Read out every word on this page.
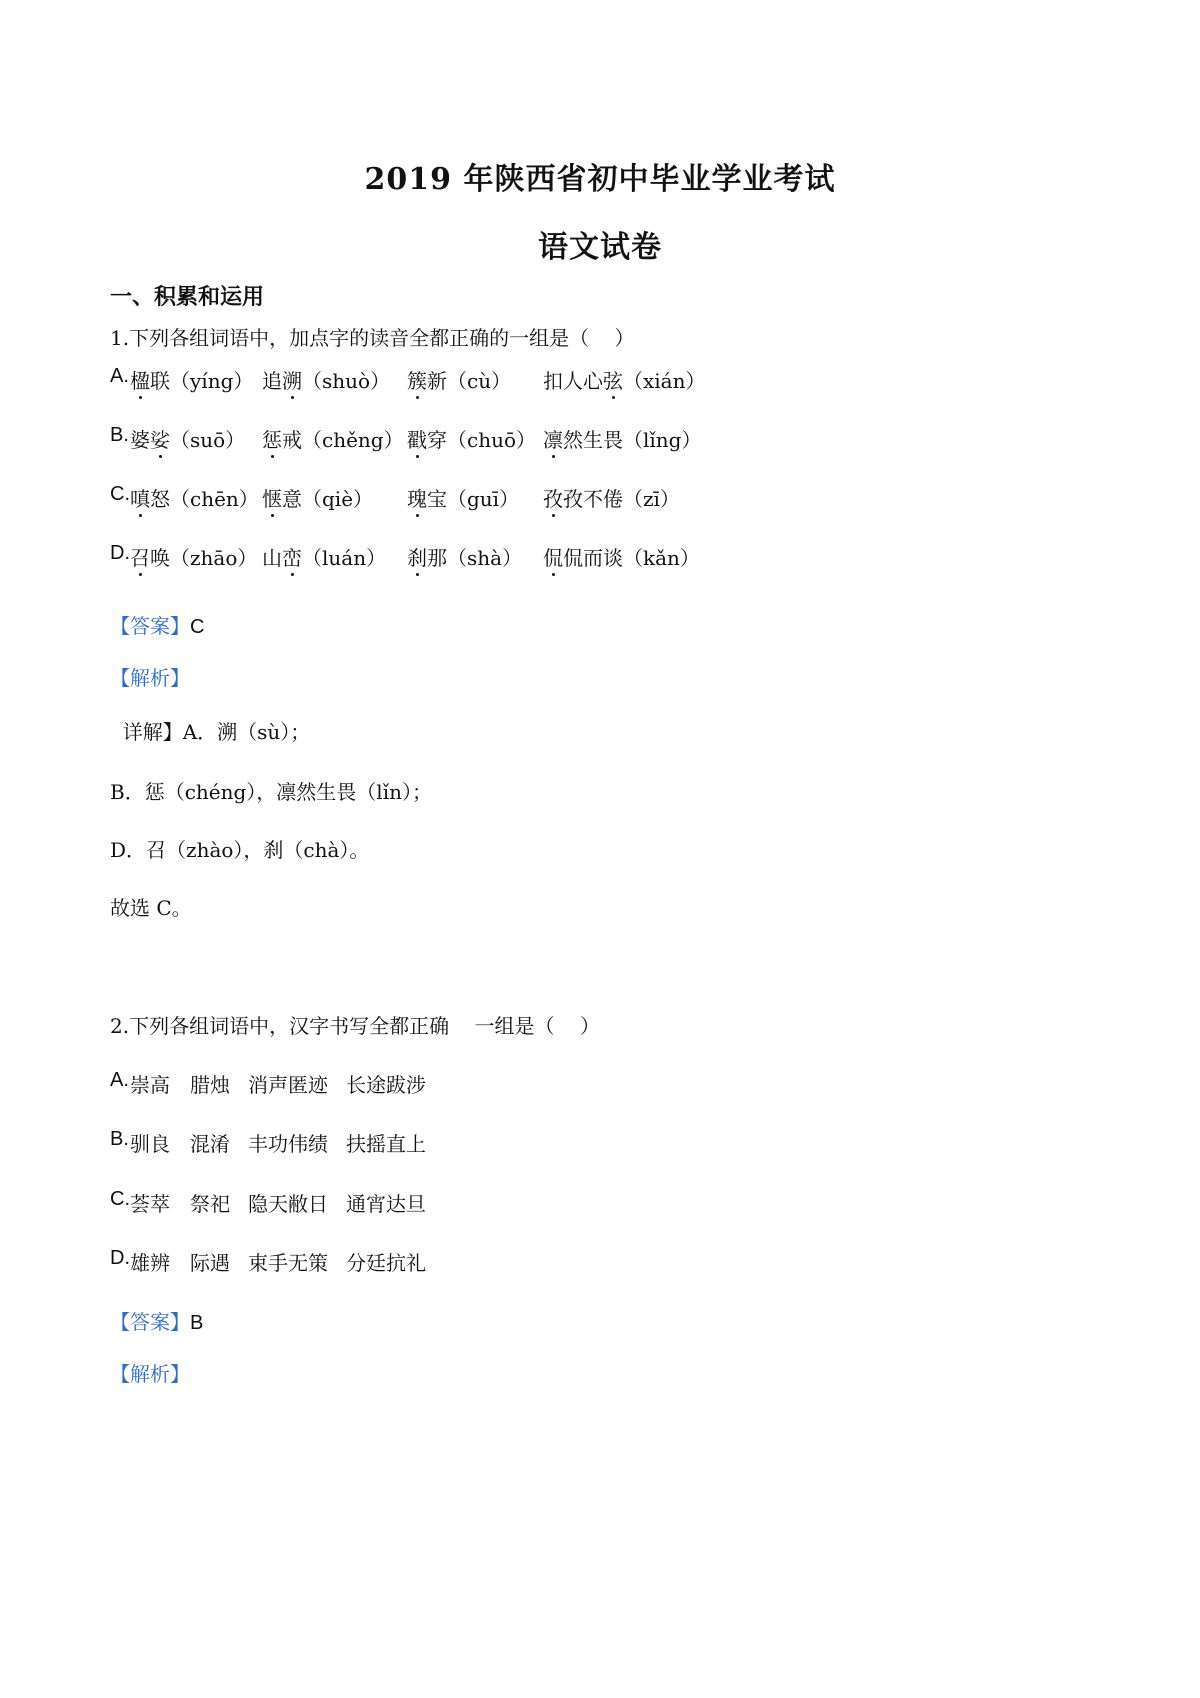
2019 年陕西省初中毕业学业考试
语文试卷
一、积累和运用
1.下列各组词语中，加点字的读音全都正确的一组是（    ）
A. 楹联（yíng） 追溯（shuò） 簇新（cù） 扣人心弦（xián）
B. 婆娑（suō） 惩戒（chěng） 戳穿（chuō） 凛然生畏（lǐng）
C. 嗔怒（chēn） 惬意（qiè） 瑰宝（guī） 孜孜不倦（zī）
D. 召唤（zhāo） 山峦（luán） 刹那（shà） 侃侃而谈（kǎn）
【答案】C
【解析】
详解】A．溯（sù）；
B．惩（chéng），凛然生畏（lǐn）；
D．召（zhào），刹（chà）。
故选 C。
2.下列各组词语中，汉字书写全都正确    一组是（    ）
A. 崇高 腊烛 消声匿迹 长途跋涉
B. 驯良 混淆 丰功伟绩 扶摇直上
C. 荟萃 祭祀 隐天敝日 通宵达旦
D. 雄辨 际遇 束手无策 分廷抗礼
【答案】B
【解析】
